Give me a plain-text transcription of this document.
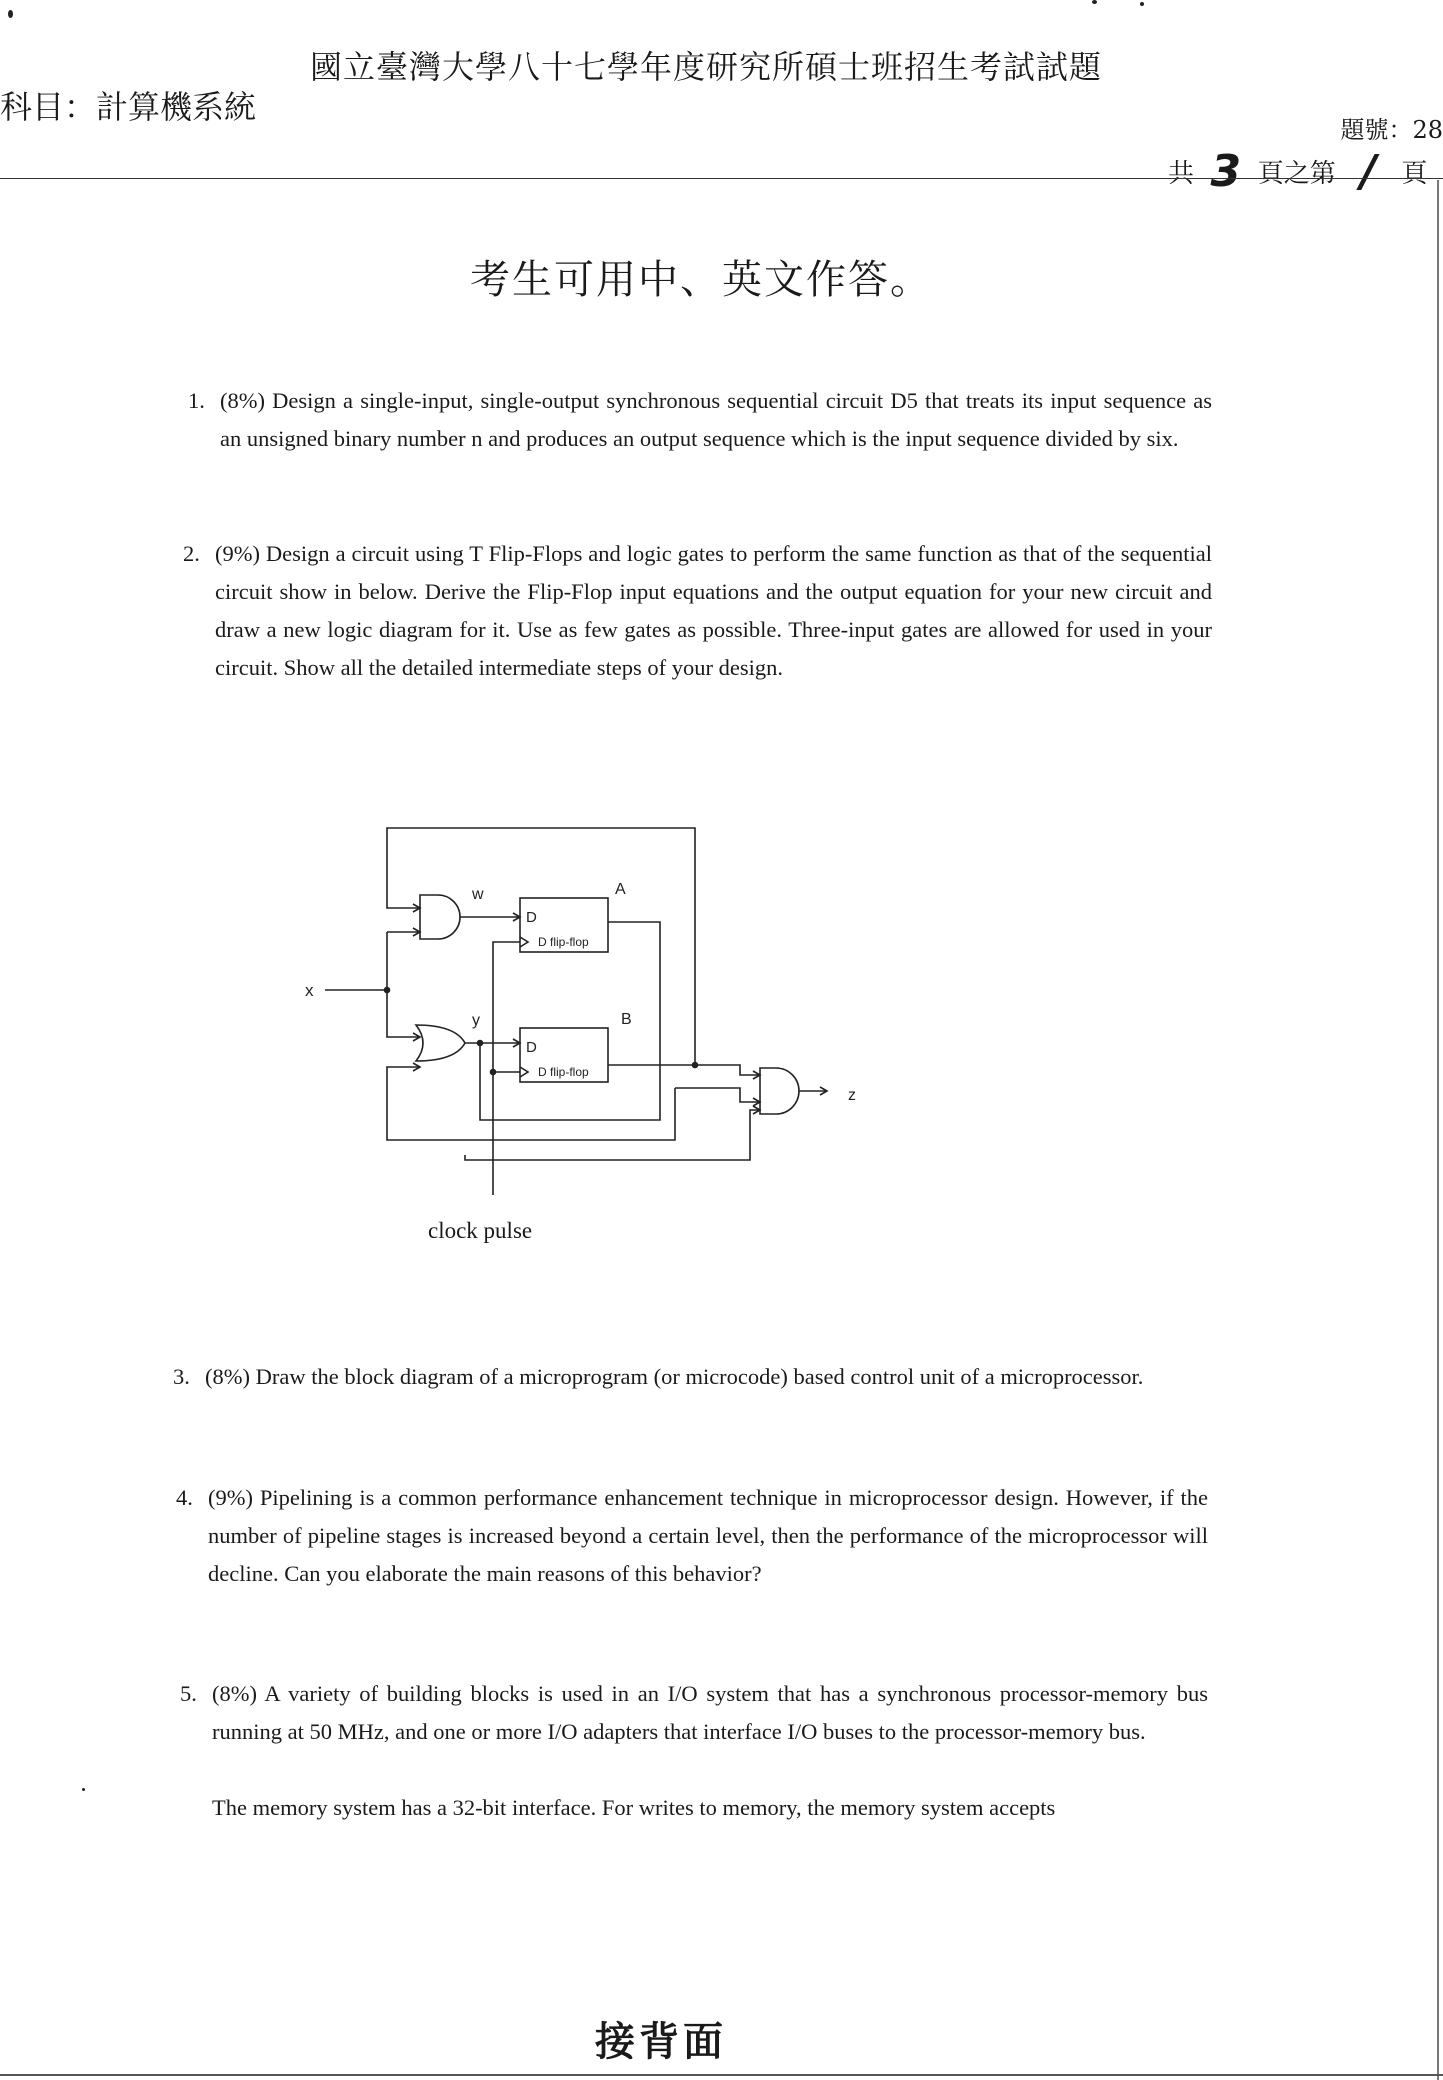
國立臺灣大學八十七學年度研究所碩士班招生考試試題
科目：計算機系統
題號：28
共 3 頁之第 / 頁
考生可用中、英文作答。
1. (8%) Design a single-input, single-output synchronous sequential circuit D5 that treats its input sequence as an unsigned binary number n and produces an output sequence which is the input sequence divided by six.

2. (9%) Design a circuit using T Flip-Flops and logic gates to perform the same function as that of the sequential circuit show in below. Derive the Flip-Flop input equations and the output equation for your new circuit and draw a new logic diagram for it. Use as few gates as possible. Three-input gates are allowed for used in your circuit. Show all the detailed intermediate steps of your design.

x
w
D
D flip-flop
A
y
D
D flip-flop
B
z
clock pulse
3. (8%) Draw the block diagram of a microprogram (or microcode) based control unit of a microprocessor.

4. (9%) Pipelining is a common performance enhancement technique in microprocessor design. However, if the number of pipeline stages is increased beyond a certain level, then the performance of the microprocessor will decline. Can you elaborate the main reasons of this behavior?

5. (8%) A variety of building blocks is used in an I/O system that has a synchronous processor-memory bus running at 50 MHz, and one or more I/O adapters that interface I/O buses to the processor-memory bus.

The memory system has a 32-bit interface. For writes to memory, the memory system accepts

接背面
